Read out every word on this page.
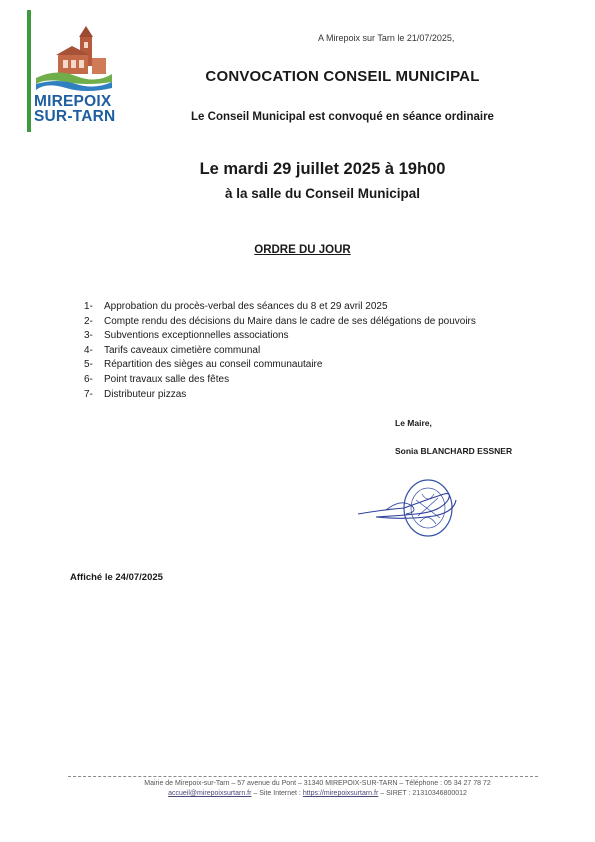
MIREPOIX
SUR-TARN
A Mirepoix sur Tarn le 21/07/2025,
CONVOCATION CONSEIL MUNICIPAL
Le Conseil Municipal est convoqué en séance ordinaire
Le mardi 29 juillet 2025 à 19h00
à la salle du Conseil Municipal
ORDRE DU JOUR
1-	Approbation du procès-verbal des séances du 8 et 29 avril 2025
2-	Compte rendu des décisions du Maire dans le cadre de ses délégations de pouvoirs
3-	Subventions exceptionnelles associations
4-	Tarifs caveaux cimetière communal
5-	Répartition des sièges au conseil communautaire
6-	Point travaux salle des fêtes
7-	Distributeur pizzas
Le Maire,
Sonia BLANCHARD ESSNER
Affiché le 24/07/2025
Mairie de Mirepoix-sur-Tarn – 57 avenue du Pont – 31340 MIREPOIX-SUR-TARN – Téléphone : 05 34 27 78 72
accueil@mirepoixsurtarn.fr – Site Internet : https://mirepoixsurtarn.fr – SIRET : 21310346800012
